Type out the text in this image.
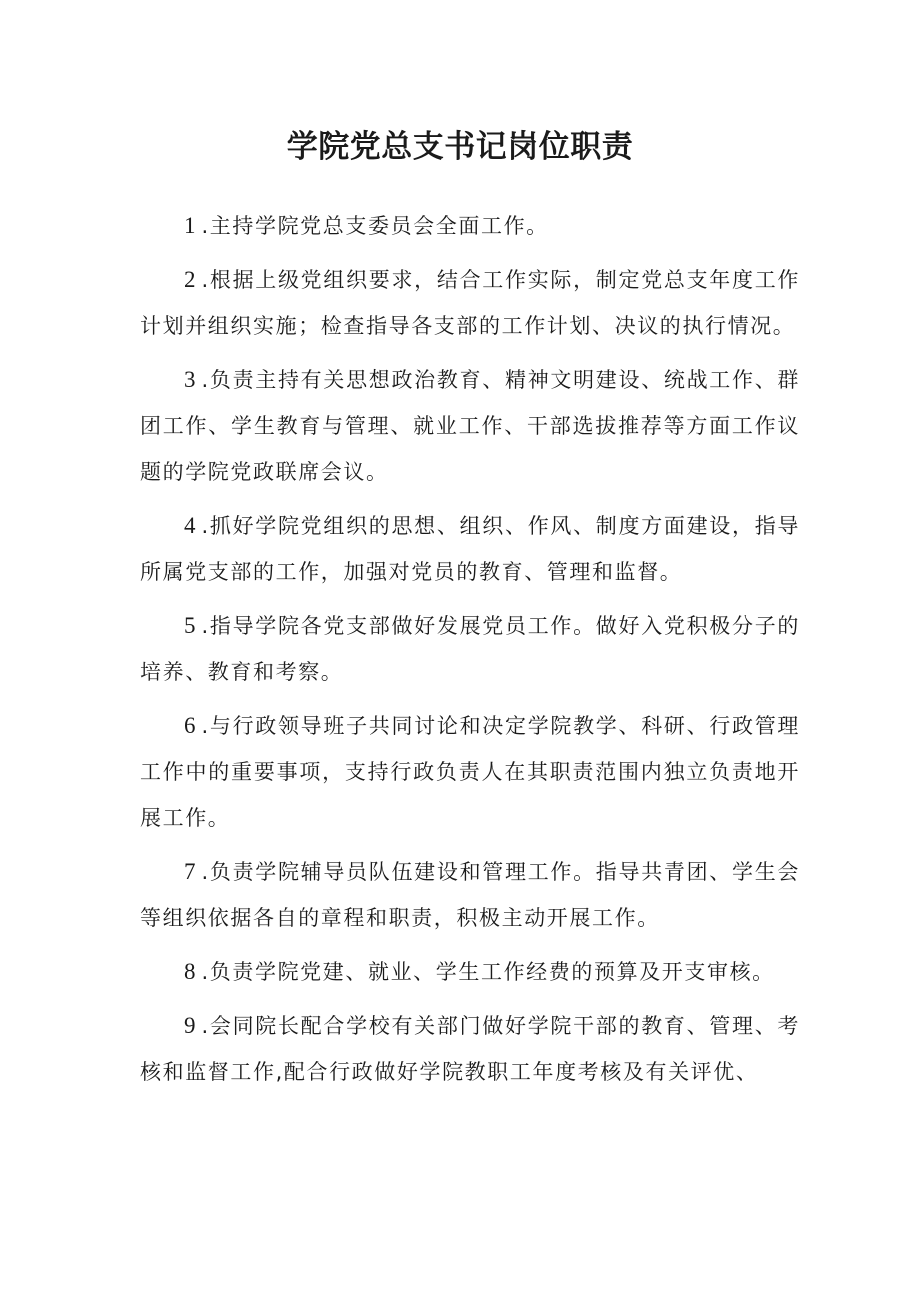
学院党总支书记岗位职责

1 .主持学院党总支委员会全面工作。

2 .根据上级党组织要求，结合工作实际，制定党总支年度工作计划并组织实施；检查指导各支部的工作计划、决议的执行情况。

3 .负责主持有关思想政治教育、精神文明建设、统战工作、群团工作、学生教育与管理、就业工作、干部选拔推荐等方面工作议题的学院党政联席会议。

4 .抓好学院党组织的思想、组织、作风、制度方面建设，指导所属党支部的工作，加强对党员的教育、管理和监督。

5 .指导学院各党支部做好发展党员工作。做好入党积极分子的培养、教育和考察。

6 .与行政领导班子共同讨论和决定学院教学、科研、行政管理工作中的重要事项，支持行政负责人在其职责范围内独立负责地开展工作。

7 .负责学院辅导员队伍建设和管理工作。指导共青团、学生会等组织依据各自的章程和职责，积极主动开展工作。

8 .负责学院党建、就业、学生工作经费的预算及开支审核。

9 .会同院长配合学校有关部门做好学院干部的教育、管理、考核和监督工作,配合行政做好学院教职工年度考核及有关评优、
